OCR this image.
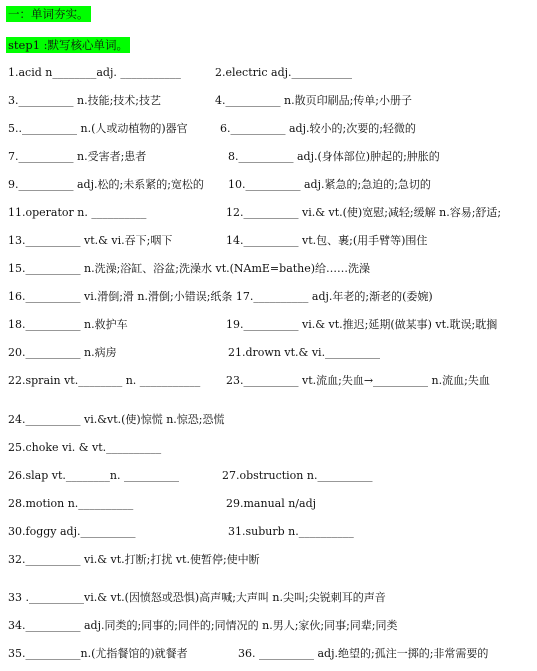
一：单词夯实。
step1 :默写核心单词。
1.acid n________adj. ___________	2.electric adj.___________
3.__________ n.技能;技术;技艺	4.__________ n.散页印刷品;传单;小册子
5..__________ n.(人或动植物的)器官	6.__________ adj.较小的;次要的;轻微的
7.__________ n.受害者;患者	8.__________ adj.(身体部位)肿起的;肿胀的
9.__________ adj.松的;未系紧的;宽松的 10.__________ adj.紧急的;急迫的;急切的
11.operator n. __________	12.__________ vi.& vt.(使)宽慰;减轻;缓解 n.容易;舒适;
13.__________ vt.& vi.吞下;咽下	14.__________ vt.包、裹;(用手臂等)围住
15.__________ n.洗澡;浴缸、浴盆;洗澡水 vt.(NAmE=bathe)给……洗澡
16.__________ vi.滑倒;滑 n.滑倒;小错误;纸条 17.__________ adj.年老的;渐老的(委婉)
18.__________ n.救护车	19.__________ vi.& vt.推迟;延期(做某事) vt.耽误;耽搁
20.__________ n.病房	21.drown vt.& vi.__________
22.sprain vt.________ n. ___________ 23.__________ vt.流血;失血→__________ n.流血;失血
24.__________ vi.&vt.(使)惊慌 n.惊恐;恐慌
25.choke vi. & vt.__________
26.slap vt.________n. __________	27.obstruction n.__________
28.motion n.__________	29.manual n/adj
30.foggy adj.__________	31.suburb n.__________
32.__________ vi.& vt.打断;打扰 vt.使暂停;使中断
33 .__________vi.& vt.(因愤怒或恐惧)高声喊;大声叫 n.尖叫;尖锐刺耳的声音
34.__________ adj.同类的;同事的;同伴的;同情况的 n.男人;家伙;同事;同辈;同类
35.__________n.(尤指餐馆的)就餐者	36. __________ adj.绝望的;孤注一掷的;非常需要的
